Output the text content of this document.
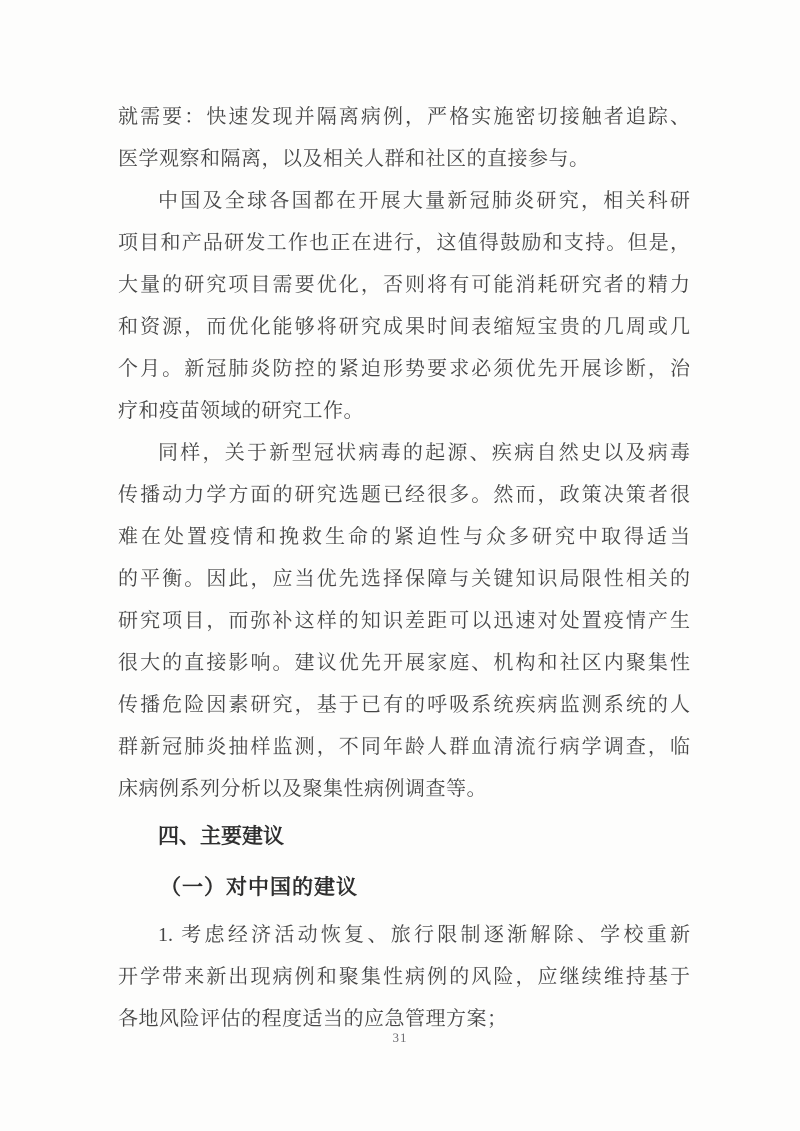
就需要：快速发现并隔离病例，严格实施密切接触者追踪、
医学观察和隔离，以及相关人群和社区的直接参与。

中国及全球各国都在开展大量新冠肺炎研究，相关科研
项目和产品研发工作也正在进行，这值得鼓励和支持。但是，
大量的研究项目需要优化，否则将有可能消耗研究者的精力
和资源，而优化能够将研究成果时间表缩短宝贵的几周或几
个月。新冠肺炎防控的紧迫形势要求必须优先开展诊断，治
疗和疫苗领域的研究工作。

同样，关于新型冠状病毒的起源、疾病自然史以及病毒
传播动力学方面的研究选题已经很多。然而，政策决策者很
难在处置疫情和挽救生命的紧迫性与众多研究中取得适当
的平衡。因此，应当优先选择保障与关键知识局限性相关的
研究项目，而弥补这样的知识差距可以迅速对处置疫情产生
很大的直接影响。建议优先开展家庭、机构和社区内聚集性
传播危险因素研究，基于已有的呼吸系统疾病监测系统的人
群新冠肺炎抽样监测，不同年龄人群血清流行病学调查，临
床病例系列分析以及聚集性病例调查等。

四、主要建议
（一）对中国的建议

1. 考虑经济活动恢复、旅行限制逐渐解除、学校重新
开学带来新出现病例和聚集性病例的风险，应继续维持基于
各地风险评估的程度适当的应急管理方案；

31
